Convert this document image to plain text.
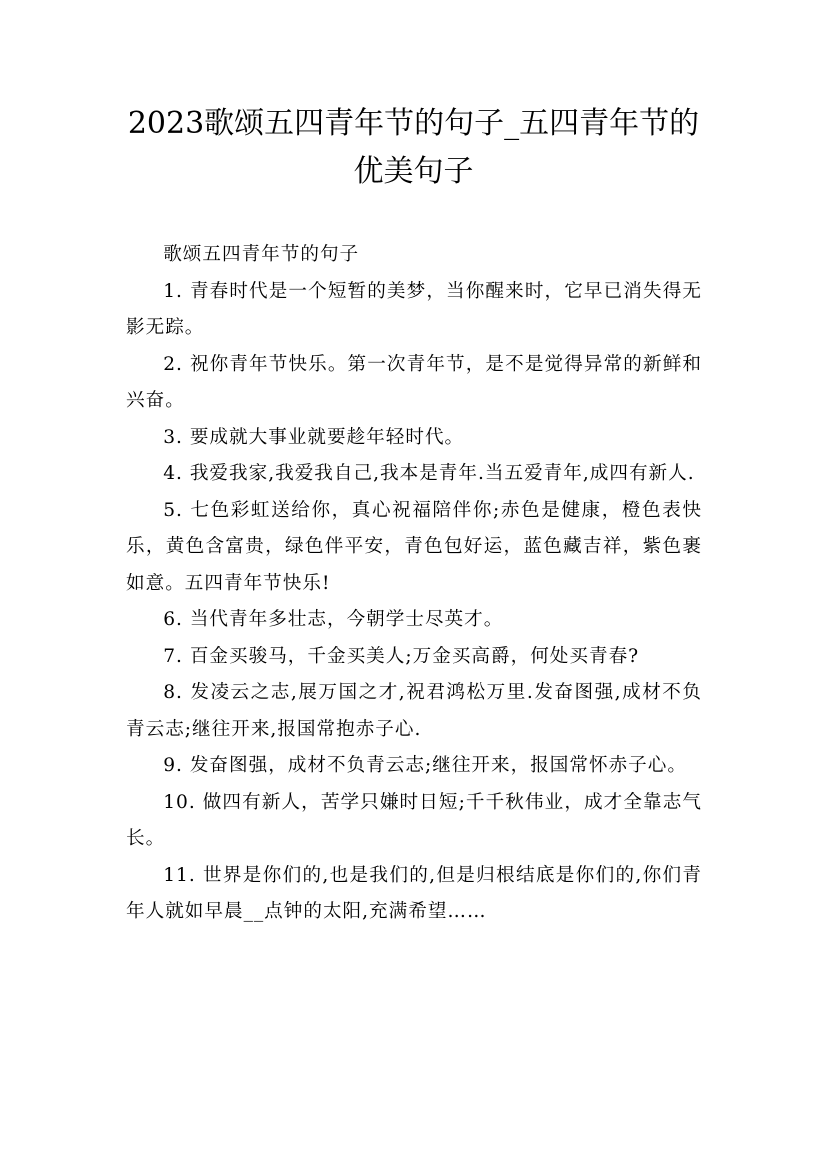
2023歌颂五四青年节的句子_五四青年节的优美句子

歌颂五四青年节的句子

1. 青春时代是一个短暂的美梦，当你醒来时，它早已消失得无影无踪。

2. 祝你青年节快乐。第一次青年节，是不是觉得异常的新鲜和兴奋。

3. 要成就大事业就要趁年轻时代。

4. 我爱我家,我爱我自己,我本是青年.当五爱青年,成四有新人.

5. 七色彩虹送给你，真心祝福陪伴你;赤色是健康，橙色表快乐，黄色含富贵，绿色伴平安，青色包好运，蓝色藏吉祥，紫色裹如意。五四青年节快乐!

6. 当代青年多壮志，今朝学士尽英才。

7. 百金买骏马，千金买美人;万金买高爵，何处买青春?

8. 发凌云之志,展万国之才,祝君鸿松万里.发奋图强,成材不负青云志;继往开来,报国常抱赤子心.

9. 发奋图强，成材不负青云志;继往开来，报国常怀赤子心。

10. 做四有新人，苦学只嫌时日短;千千秋伟业，成才全靠志气长。

11. 世界是你们的,也是我们的,但是归根结底是你们的,你们青年人就如早晨__点钟的太阳,充满希望……
